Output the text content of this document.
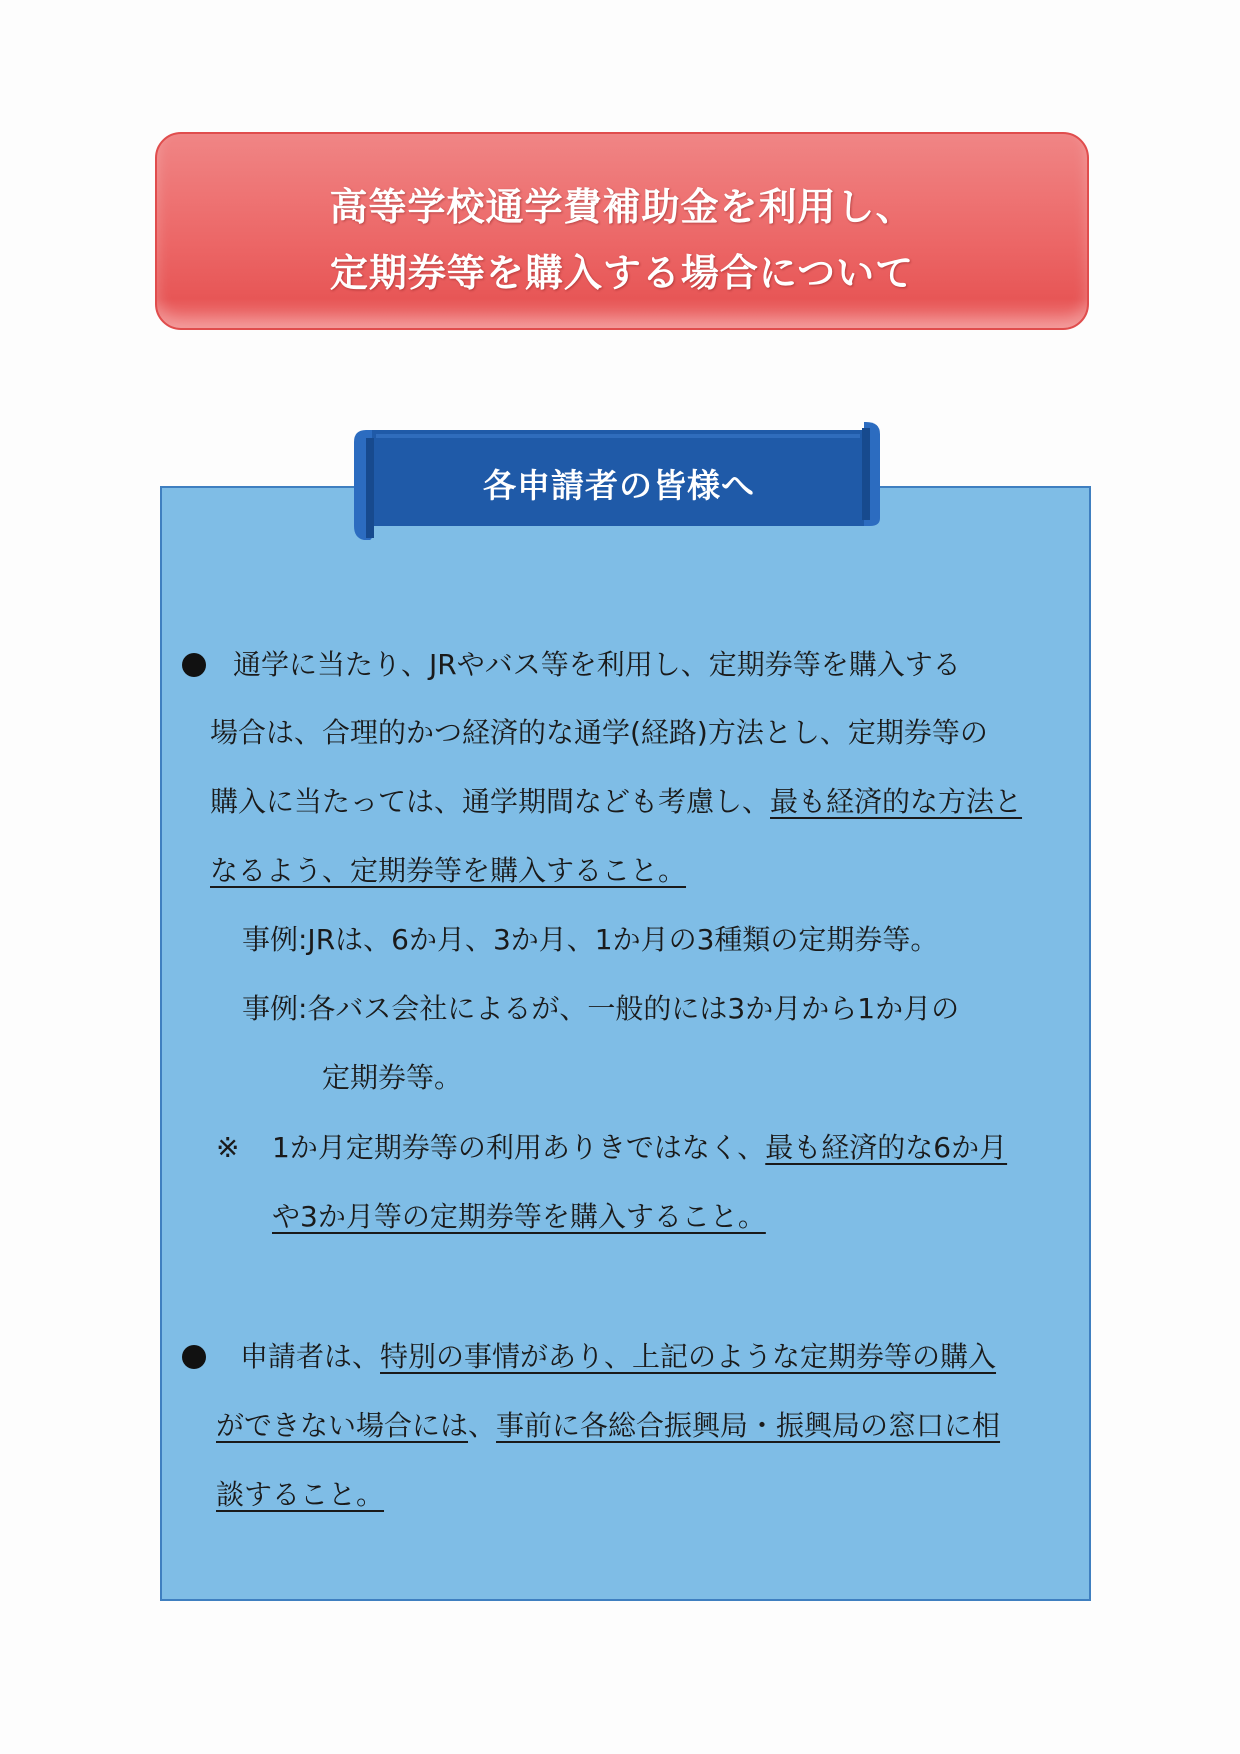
高等学校通学費補助金を利用し、
定期券等を購入する場合について
各申請者の皆様へ
通学に当たり、JRやバス等を利用し、定期券等を購入する
場合は、合理的かつ経済的な通学(経路)方法とし、定期券等の
購入に当たっては、通学期間なども考慮し、最も経済的な方法と
なるよう、定期券等を購入すること。
事例:JRは、6か月、3か月、1か月の3種類の定期券等。
事例:各バス会社によるが、一般的には3か月から1か月の
定期券等。
※ 1か月定期券等の利用ありきではなく、最も経済的な6か月
や3か月等の定期券等を購入すること。
申請者は、特別の事情があり、上記のような定期券等の購入
ができない場合には、事前に各総合振興局・振興局の窓口に相
談すること。
